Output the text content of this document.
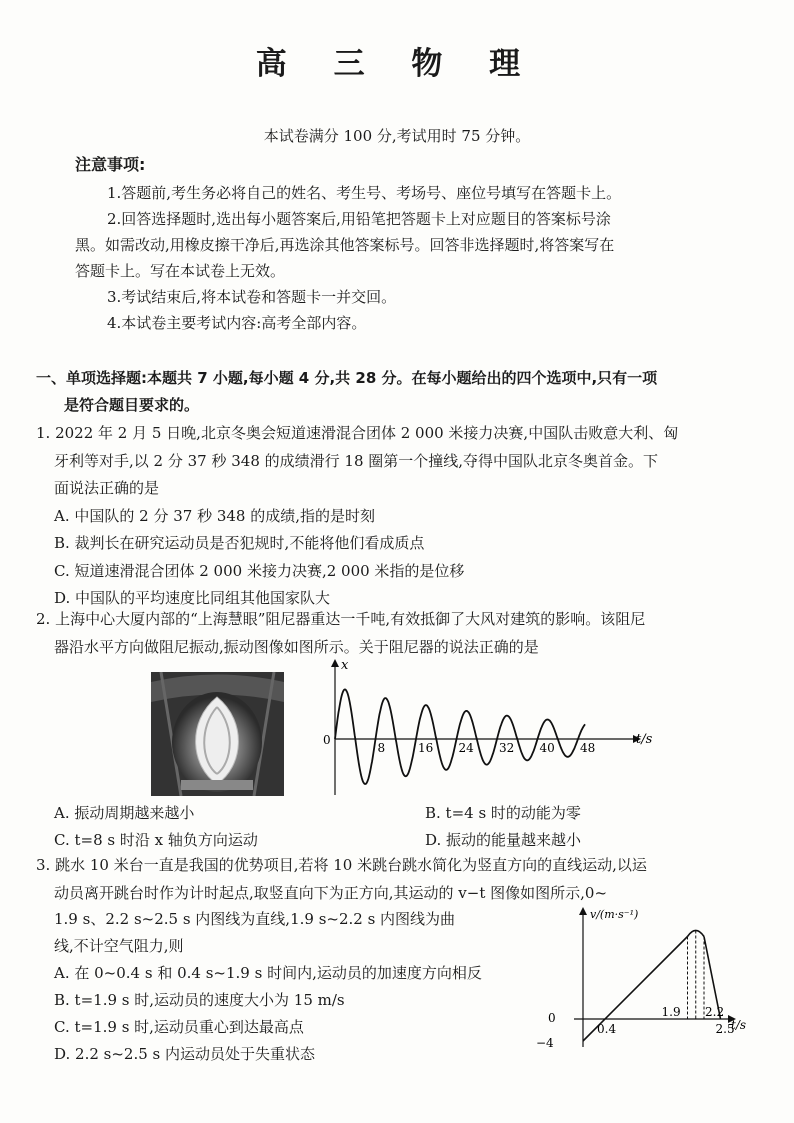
高 三 物 理
本试卷满分 100 分,考试用时 75 分钟。
注意事项:

1.答题前,考生务必将自己的姓名、考生号、考场号、座位号填写在答题卡上。

2.回答选择题时,选出每小题答案后,用铅笔把答题卡上对应题目的答案标号涂

黑。如需改动,用橡皮擦干净后,再选涂其他答案标号。回答非选择题时,将答案写在

答题卡上。写在本试卷上无效。

3.考试结束后,将本试卷和答题卡一并交回。

4.本试卷主要考试内容:高考全部内容。

一、单项选择题:本题共 7 小题,每小题 4 分,共 28 分。在每小题给出的四个选项中,只有一项
是符合题目要求的。
1. 2022 年 2 月 5 日晚,北京冬奥会短道速滑混合团体 2 000 米接力决赛,中国队击败意大利、匈
牙利等对手,以 2 分 37 秒 348 的成绩滑行 18 圈第一个撞线,夺得中国队北京冬奥首金。下
面说法正确的是
A. 中国队的 2 分 37 秒 348 的成绩,指的是时刻
B. 裁判长在研究运动员是否犯规时,不能将他们看成质点
C. 短道速滑混合团体 2 000 米接力决赛,2 000 米指的是位移
D. 中国队的平均速度比同组其他国家队大
2. 上海中心大厦内部的“上海慧眼”阻尼器重达一千吨,有效抵御了大风对建筑的影响。该阻尼
器沿水平方向做阻尼振动,振动图像如图所示。关于阻尼器的说法正确的是
x
t/s
0
8	16 24 32 40 48
A. 振动周期越来越小	B. t=4 s 时的动能为零
C. t=8 s 时沿 x 轴负方向运动	D. 振动的能量越来越小
3. 跳水 10 米台一直是我国的优势项目,若将 10 米跳台跳水简化为竖直方向的直线运动,以运
动员离开跳台时作为计时起点,取竖直向下为正方向,其运动的 v−t 图像如图所示,0~
1.9 s、2.2 s~2.5 s 内图线为直线,1.9 s~2.2 s 内图线为曲
线,不计空气阻力,则
A. 在 0~0.4 s 和 0.4 s~1.9 s 时间内,运动员的加速度方向相反
B. t=1.9 s 时,运动员的速度大小为 15 m/s
C. t=1.9 s 时,运动员重心到达最高点
D. 2.2 s~2.5 s 内运动员处于失重状态
v/(m·s⁻¹)
t/s
0
−4
0.4
1.9 2.2
2.5
